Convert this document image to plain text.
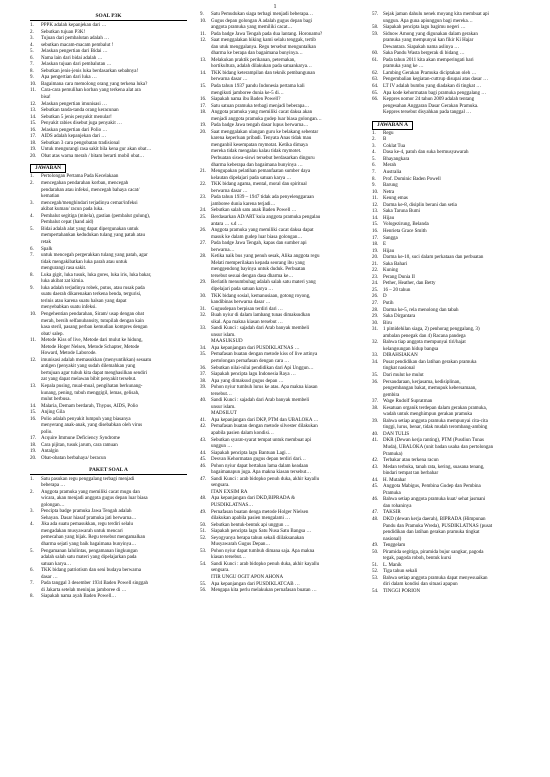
1
SOAL P3K
1.	PPPK adalah kepanjekan dari …
2.	Sebutkan tujuan P3K!
3.	Tujuan dari pembalutan adalah …
4.	sebutkan macam-macam pembalut !
5.	Jelaskan pengertian dari Bidai …
6.	Nama lain dari bidai adalah …
7.	Jelaskan tujuan dari pembalutan …
8.	Sebutkan jenis-jenis luka berdasarkan sebabnya!
9.	Apa pengertian dari luka …
10. Bagaimana cara memolong orang yang terkena luka?
11. Cara-cara pemulihan korban yang terkena alat ara
bisa!
12. Jelaskan pengertian imunisasi …
13. Sebutkan tanda-tanda orang keracunan
14. Sebutkan 5 jenis penyakit menular!
15. Penyakit rabies disebut juga penyakit …
16. Jelaskan pengertian dari Polio …
17. AIDS adalah kepanjekan dari …
18. Sebutkan 3 cara pengobatan tradisional
19. Untuk mengurangi rasa sakit bila kena gur akan obat…
20. Obat atas warna merah / bitam berarti mobil obat…
JAWABAN
1.	Pertolongan Pertama Pada Kecelakaan
2.	mencegahan pendarahan korban, mencegah
pendarahan atau infeksi, mencegah bahaya cacat/
kematian
3.	mencegah/menghindari terjadinya cemar/infeksi
akibat kuman/ racun pada luka.
4.	Pembalut segitiga (mitela), gastian (pembalut gulung),
Pembalut cepat (hand aid)
5.	Bidai adalah alat yang dapat dipergunakan untuk
mempertahankan kedudukan tulang yang patah atau
retak
6.	Spalk
7.	untuk mencegah pergerakkan tulang yang patah, agar
tidak mengakibatkan luka parah atau untuk
mengurangi rasa sakit.
8.	Luka gigit, luka tusuk, luka gores, luka iris, luka bakar,
luka akibat zat kimia.
9.	luka adalah terjadinya robek, putus, atau rusak pada
suatu daerah dikarenakan terkena benda, tergurisi,
terinis atau karena suatu halsan yang dapat
menyebabkan suatu infeksi.
10. Pengehentian pendarahan, Siram/ usap dengan obat
merah, bersih selfanubansity, tutupilah dengan kain
kasa steril, pasang perban kemudian kompres dengan
obat/ salep.
11. Metode Kiss of live, Metode dari mulut ke hidung,
Metode Hoger Nelsen, Metode Schapter, Metode
Howard, Metode Laborode.
12. imunisasi adalah memasukkan (menyuntikkan) sesuatu
antigen (penyakit yang sudah dilemahkan yang
bertujuan agar tubuh kita dapat menghasilkan sendiri
zat yang dapat melawan bibit penyakit tersebut.
13. Kepala pusing, mual-mual, pengihatan berkunang-
kunang, pening, tubuh menggigil, lemas, gelisah,
mulut berbusa.
14. Malaria, Demam berdarah, Thypus, AIDS, Polio
15. Anjing Gila
16. Polio adalah penyakit lumpuh yang biasanya
menyerang anak-anak, yang disebabkan oleh virus
polio.
17. Acquire Immune Deficiency Syndrome
18. Cara pijitan, tusuk jarum, cara ramuan
19. Antalgin
20. Obat-obatan berbahaya/ beracun
PAKET SOAL A
1.	Satu pasukan regu penggalang terbagi menjadi
beberapa …
2.	Anggota pramuka yang memiliki cacat mugu dan
wicara, akan menjadi anggota gugus depan luar biasa
golongan…
3.	Pencipta badge pramuka Jawa Tengah adalah
Sehayan. Dasar hiasaf pramuka jati berwarna…
4.	Jika ada suatu pemasukkan, regu terdiri selalu
mengadakan musyawarah untuk mencari
pemecahan yang bijak. Regu tersebut mengamalkan
dharma sejati yang baik bagaimana bunyinya…
5.	Pengamanan lalulintas, pengamanan lingkungan
adalah salah satu materi yang dipelajarkan pada
satuan karya…
6.	TKK bidang patriotism dan seni budaya berwarna
dasar …
7.	Pada tanggal 3 desember 1934 Baden Powell singgah
di Jakarta setelah meninjau jamboree di …
8.	Siapakah nama ayah Baden Powell…
9.	Satu Pemudukan siaga terbagi menjadi beberapa…
10. Gugus depan golongan A adalah gugus depan bagi
anggota pramuka yang memiliki cacat…
11. Pada badge Jawa Tengah pada dua lantang. Horonamu?
12. Saat menggalakan hiking kami selalu tenggak, tertib
dan utuk menggalanya. Regu tersebut menguntalkan
dharma ke berapa dan bagaimana bunyinya…
13. Melakukan praktik perikanan, peternakan,
hortikultura, adalah dilakukan pada satuankarya…
14. TKK bidang keterampilan dan teknik pembangunan
berwarna dasar …
15. Pada tahun 1937 pandu Indonesia pertama kali
mengikuti jamboree dunia ke-5 di…
16. Siapakah nama ibu Baden Powell?
17. Satu satuan pramuka terbagi menjadi beberapa…
18. Anggota pramuka yang memiliki cacat daksa akan
menjadi anggota pramuka gudep luar biasa golongan…
19. Pada badge Jawa tengah dasar lupus berwarna…
20. Saat menggalakan ulangan guru ke belakang sebentar
karena keperluan pribadi. Tenyata Anas tidak mau
menganbil kesempatan mymotat. Ketika dimaya
mereka tidak mengalau kalau tidak mymotet.
Perbuatan siswa-siswi tersebut berdasarkan dinguru
dharma keberapa dan bagaimana bunyinya …
21. Mengupakan pelatihan pemanfaatan sumber daya
kelautan dipelajari pada satuan karya …
22. TKK bidang agama, mental, moral dan spiritual
berwarna dasar …
23. Pada tahun 1939 – 1947 tidak ada penyelenggaraan
jamboree dunia karena terjadi…
24. Sebutkan salah satu anak Baden Powell …
25. Berdasarkan AD/ART kuia anggota pramuka pengalau
antara … s.d …
26. Anggota pramuka yang memiliki cacat daksa dapat
masuk ke dalam gudep luar biasa golongan…
27. Pada badge Jawa Tengah, kapas dan sumber api
berwarna…
28. Ketika naik bus yang penuh sesak, Alika anggota regu
Melati memperilakan kepada seorang ibu yang
menggendong bayinya untuk duduk. Perbuatan
tersebut sesuai dengan dasa dharma ke…
29. Berlatih menumbuhag adalah salah satu materi yang
dipelajari pada satuan karya …
30. TKK bidang sosial, kemanusiaan, gotong royong,
kandibinas berwarna dasar …
31. Gugusdepan berpisan terdiri dari …
32. Buah nyiur di dalam lambang tunas dimaksudkan
sikal. Apa makna kiasan tersebut …
33. Sandi Kunci : sajadah dari Arab banyak membeli
unsur islam.
MAASUKSUD
34. Apa kepanjangan dari PUSDIKLATNAS …
35. Pemafasan buatan dengan metode kiss of live artinya
pertolongan pernafasan dengan cara …
36. Sebutkan nilai-nilai pendidikan dari Api Unggun…
37. Siapakah pencipta lagu Indonesia Raya …
38. Apa yang dimaksud gugus depan …
39. Pohon nyiur tumbuh lurus ke atas. Apa makna kiasan
tersebut…
40. Sandi Kunci : sajadah dari Arab banyak membeli
unsur islam.
MADSILUT
41. Apa kepanjangan dari DKP, PTM dan UBALOKA …
42. Pemafasan buatan dengan metode silvester dilakukan
apabila pasien dalam kondisi…
43. Sebutkan syarat-syarat tempat untuk membuat api
unggun …
44. Siapakah pencipta lagu Bantuan Lagi…
45. Desvan Kehormatan gugus depan terdiri dari…
46. Pohon nyiur dapat bertahan lama dalam keadaan
bagaimanapun juga. Apa makna kiasan tersebut…
47. Sandi Kunci : arab bidopko penuh duka, akhir kayallu
sengsara.
ITAN EXSIM RA
48. Apa kepanjangan dari DKD,BIPRADA &
PUSDIKLATNAS…
49. Pernafasan buatan denga metode Holger Nielsen
dilakukan apabila pasien mengalami …
50. Sebutkan bentuk-bentuk api unggun …
51. Siapakah pencipta lagu Satu Nusa Satu Bangsa …
52. Seyogyanya berapa tahun sekali diilaksanakan
Musyawarah Gugus Depan…
53. Pohon nyiur dapat tumbuh dimana saja. Apa makna
kiasan tersebut…
54. Sandi Kunci : arab bidopko penuh duka, akhir kayallu
sengsara.
ITIR UNGU OGIT APON AHONA
55. Apa kepanjangan dari PUSDIKLATCAB …
56. Mengapa kita perlu melakukan pernafasan buatan …
57. Sejak jaman dahulu nenek moyang kita membuat api
unggun. Apa guna apiunggun bagi mereka…
58. Siapakah pencipta lagu bagimu negeri …
59. Sidnow Among yang digunakan dalam gerakan
pramuka yang mempunyai kan fikir Ki Hajar
Dewantara. Siapakah nama aslinya …
60. Saka Pandu Wasta bergerak di bidang …
61. Pada tahun 2011 kita akan memperingati hari
pramuka yang ke …
62. Lambing Gerakan Pramuka diciptakan oleh …
63. Pengembalian kegiatan-cuttrup disupai atas dasar …
64. LT IV adalah bumbu yang diadakan di tingkat …
65. Apa kode kehormatan bagi pramuka penggalang …
66. Keppres nomor 24 tahun 2009 adalah tentang
pengesahan Anggaran Dasar Gerakan Pramuka.
Keppres tersebut disyahkan pada tanggal …
JAWABAN A
1.	Regu
2.	B
3.	Coklat Tua
4.	Dasa ke-4, patuh dan suka bermusyawarah
5.	Bhayangkara
6.	Merah
7.	Australia
8.	Prof. Dominic Baden Powell
9.	Barung
10. Netra
11. Keung emas
12. Darma ke-8, disiplin berani dan setia
13. Saka Taruna Bumi
14. Hijau
15. Vologezirung, Belanda
16. Henrieta Grace Smith
17. Sangga
18. E
19. Hijau
20. Darma ke-10, suci dalam perkataan dan perbuatan
21. Saka Bahari
22. Kuning
23. Perang Dunia II
24. Pether, Heather, dan Betty
25. 16 – 20 tahun
26. D
27. Putih
28. Darma ke-5, rela menolong dan tabah
29. Saka Dirgantara
30. Biru
31. 1 pimidehilan siaga, 2) penhorag penggalang, 3)
ambalan penegak dan 4) Racana pandega
32. Bahwa tiap anggota mempunyai tiri/hajat
kelangsungan hidup bangsa
33. DIRAHSIAKAN
34. Pusat pendidikan dan latihan gerakan pramuka
tingkat nasional
35. Dari mulut ke mulut
36. Persaudaraan, kerjasama, kedisiplinan,
pengembangan bakat, memupuk kebersamaan,
gembira
37. Wage Rudolf Supratman
38. Kesatuan organik terdepan dalam gerakan pramuka,
wadah untuk menghimpun gerakan pramuka
39. Bahwa setiap anggota pramuka mempunyai cita-cita
tinggi, lurus, benar, tidak mudah terombang-ambing
40. DAN TULIS
41. DKR (Dewan kerja ranting), PTM (Pusdiun Tunas
Muda), UBALOKA (unit badan usaha dan pertolongan
Pramuka)
42. Terbakar atau terkena racun
43. Medan terbuka, tanah rata, kering, suasana tenang,
bindari tempat tan berbahar
44. H. Mutahar
45. Anggota Mabigus, Pembina Gudep dan Pembina
Pramuka
46. Bahwa setiap anggota pramuka kuat/ sehat jasmani
dan rohaninya
47. TAKSIR
48. DKD (dewan kerja daerah), BIPRADA (Himpunan
Pandu dan Pramuka Wreda), PUSDIKLATNAS (pusat
pendidikan dan latihan gerakan pramuka tingkat
nasional)
49. Tenggelam
50. Piramida segitiga, piramida bujur sangkar, pagoda
tegak, pagoda roboh, bentuk kursi
51. L. Manik
52. Tiga tahun sekali
53. Bahwa setiap anggota pramuka dapat menyesuaikan
diri dalam kondisi dan situasi apapun
54. TINGGI PORION
